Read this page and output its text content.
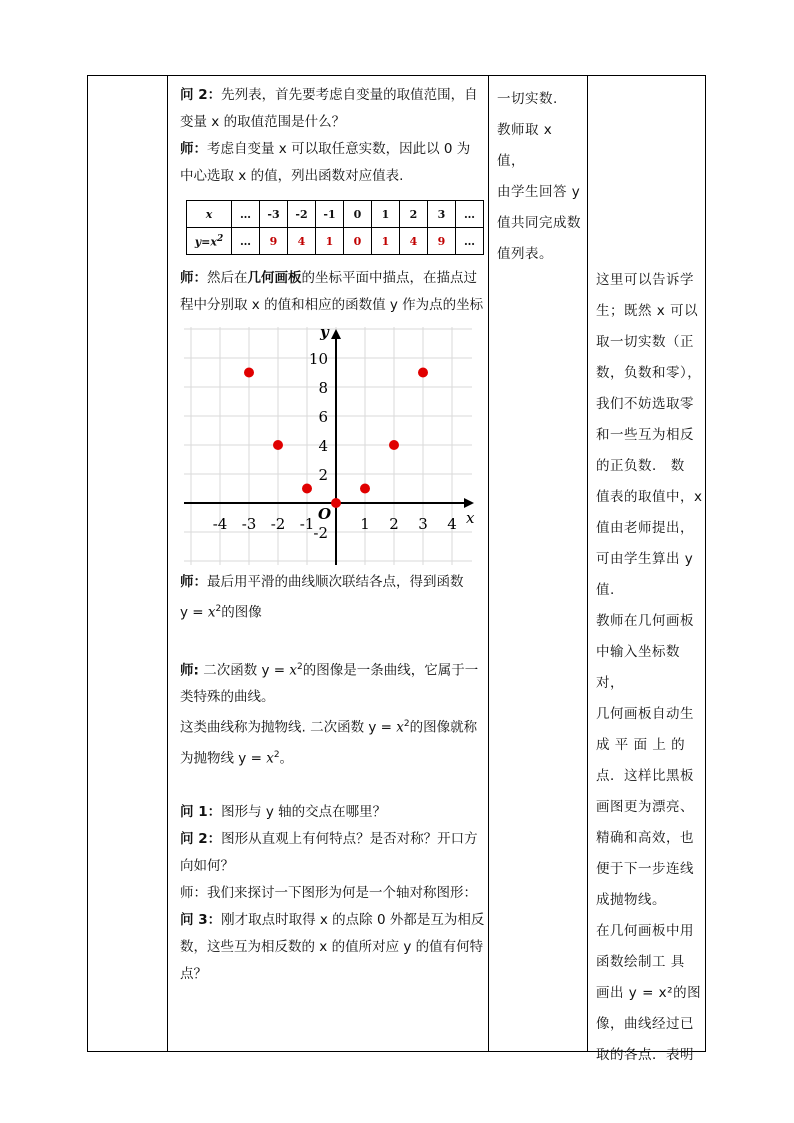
问 2：先列表，首先要考虑自变量的取值范围，自

变量 x 的取值范围是什么？

师：考虑自变量 x 可以取任意实数，因此以 0 为

中心选取 x 的值，列出函数对应值表.

x	…	-3	-2	-1	0	1	2	3	…
$y=x^2$	…	9	4	1	0	1	4	9	…

师：然后在几何画板的坐标平面中描点，在描点过

程中分别取 x 的值和相应的函数值 y 作为点的坐标

y
x
O
10
8
6
4
2
-2
-4 -3 -2 -1	1 2 3 4

师：最后用平滑的曲线顺次联结各点，得到函数

$y = x^2$的图像

师: 二次函数 $y = x^2$的图像是一条曲线，它属于一

类特殊的曲线。

这类曲线称为抛物线. 二次函数 $y = x^2$的图像就称

为抛物线 $y = x^2$。

问 1：图形与 y 轴的交点在哪里？

问 2：图形从直观上有何特点？是否对称？开口方

向如何？

师：我们来探讨一下图形为何是一个轴对称图形：

问 3：刚才取点时取得 x 的点除 0 外都是互为相反

数，这些互为相反数的 x 的值所对应 y 的值有何特

点？

一切实数.

教师取 x 值，

由学生回答 y

值共同完成数

值列表。

这里可以告诉学

生；既然 x 可以

取一切实数（正

数，负数和零），

我们不妨选取零

和一些互为相反

的正负数． 数

值表的取值中，x

值由老师提出，

可由学生算出 y

值.

教师在几何画板

中输入坐标数对，

几何画板自动生

成 平 面 上 的

点．这样比黑板

画图更为漂亮、

精确和高效，也

便于下一步连线

成抛物线。

在几何画板中用

函数绘制工 具

画出 y = x²的图

像，曲线经过已

取的各点．表明
